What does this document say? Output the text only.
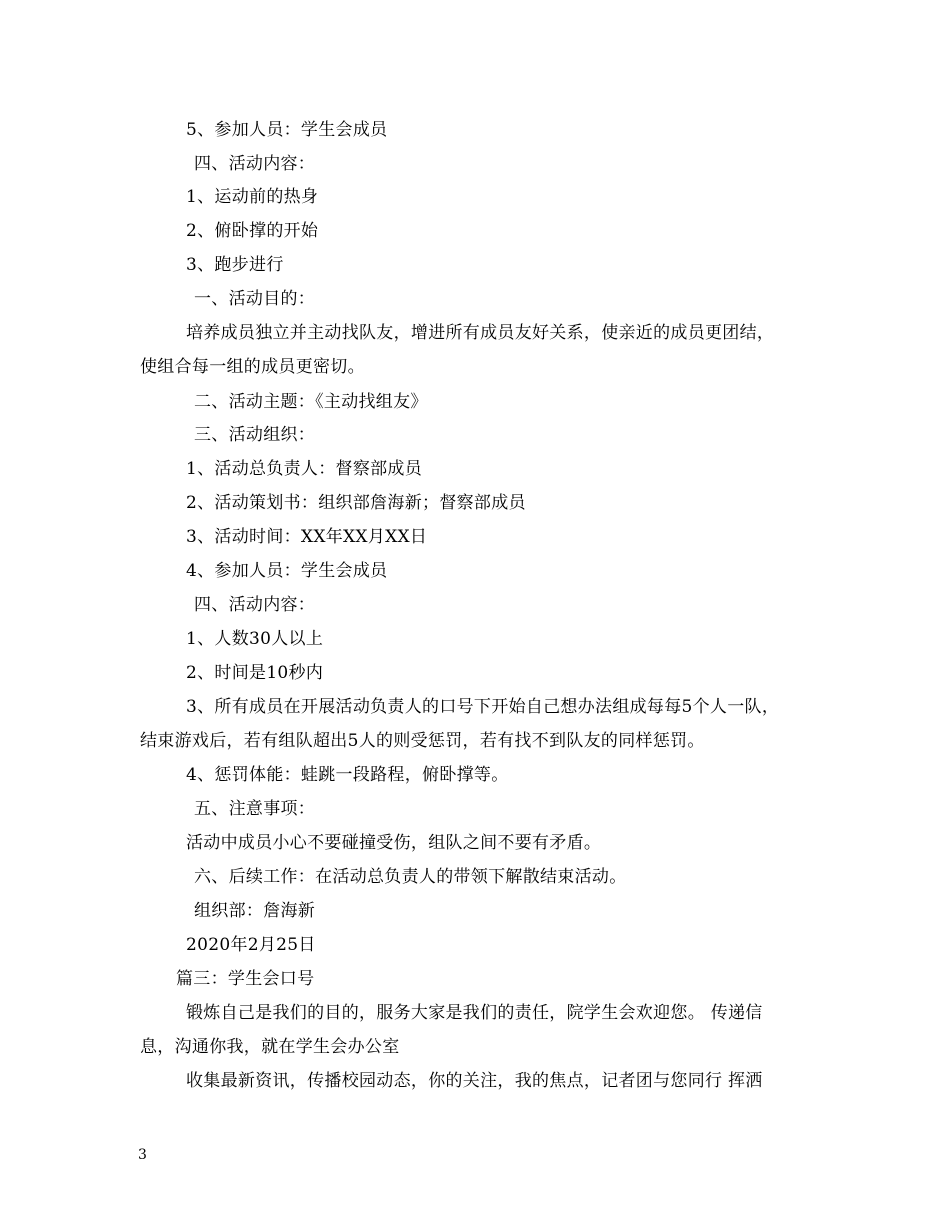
5、参加人员：学生会成员
四、活动内容：
1、运动前的热身
2、俯卧撑的开始
3、跑步进行
一、活动目的：
培养成员独立并主动找队友，增进所有成员友好关系，使亲近的成员更团结，
使组合每一组的成员更密切。
二、活动主题：《主动找组友》
三、活动组织：
1、活动总负责人：督察部成员
2、活动策划书：组织部詹海新；督察部成员
3、活动时间：XX年XX月XX日
4、参加人员：学生会成员
四、活动内容：
1、人数30人以上
2、时间是10秒内
3、所有成员在开展活动负责人的口号下开始自己想办法组成每每5个人一队，
结束游戏后，若有组队超出5人的则受惩罚，若有找不到队友的同样惩罚。
4、惩罚体能：蛙跳一段路程，俯卧撑等。
五、注意事项：
活动中成员小心不要碰撞受伤，组队之间不要有矛盾。
六、后续工作：在活动总负责人的带领下解散结束活动。
组织部：詹海新
2020年2月25日
篇三：学生会口号
锻炼自己是我们的目的，服务大家是我们的责任，院学生会欢迎您。 传递信
息，沟通你我，就在学生会办公室
收集最新资讯，传播校园动态，你的关注，我的焦点，记者团与您同行 挥洒
3
